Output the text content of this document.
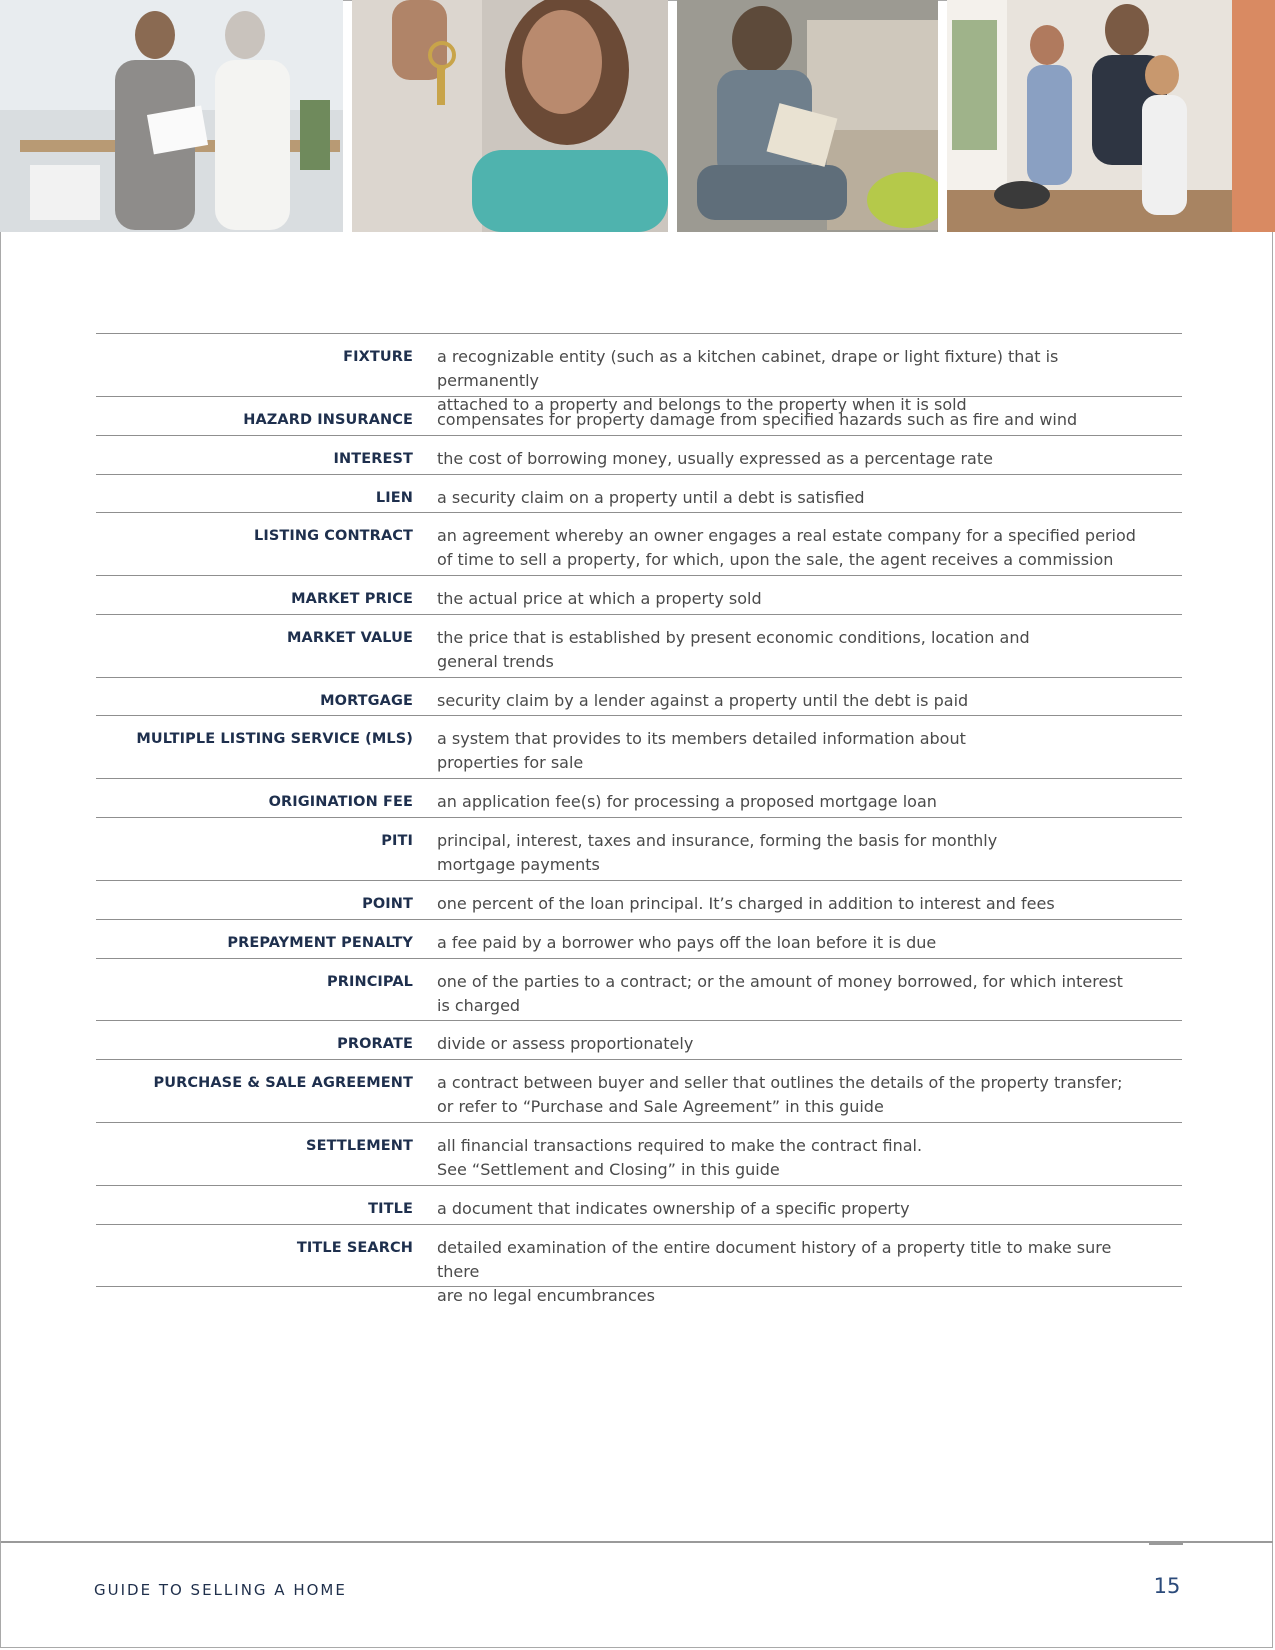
FIXTURE a recognizable entity (such as a kitchen cabinet, drape or light fixture) that is permanently
attached to a property and belongs to the property when it is sold
HAZARD INSURANCE compensates for property damage from specified hazards such as fire and wind
INTEREST the cost of borrowing money, usually expressed as a percentage rate
LIEN a security claim on a property until a debt is satisfied
LISTING CONTRACT an agreement whereby an owner engages a real estate company for a specified period
of time to sell a property, for which, upon the sale, the agent receives a commission
MARKET PRICE the actual price at which a property sold
MARKET VALUE the price that is established by present economic conditions, location and
general trends
MORTGAGE security claim by a lender against a property until the debt is paid
MULTIPLE LISTING SERVICE (MLS) a system that provides to its members detailed information about
properties for sale
ORIGINATION FEE an application fee(s) for processing a proposed mortgage loan
PITI principal, interest, taxes and insurance, forming the basis for monthly
mortgage payments
POINT one percent of the loan principal. It’s charged in addition to interest and fees
PREPAYMENT PENALTY a fee paid by a borrower who pays off the loan before it is due
PRINCIPAL one of the parties to a contract; or the amount of money borrowed, for which interest
is charged
PRORATE divide or assess proportionately
PURCHASE & SALE AGREEMENT a contract between buyer and seller that outlines the details of the property transfer;
or refer to “Purchase and Sale Agreement” in this guide
SETTLEMENT all financial transactions required to make the contract final.
See “Settlement and Closing” in this guide
TITLE a document that indicates ownership of a specific property
TITLE SEARCH detailed examination of the entire document history of a property title to make sure there
are no legal encumbrances
GUIDE TO SELLING A HOME	15
